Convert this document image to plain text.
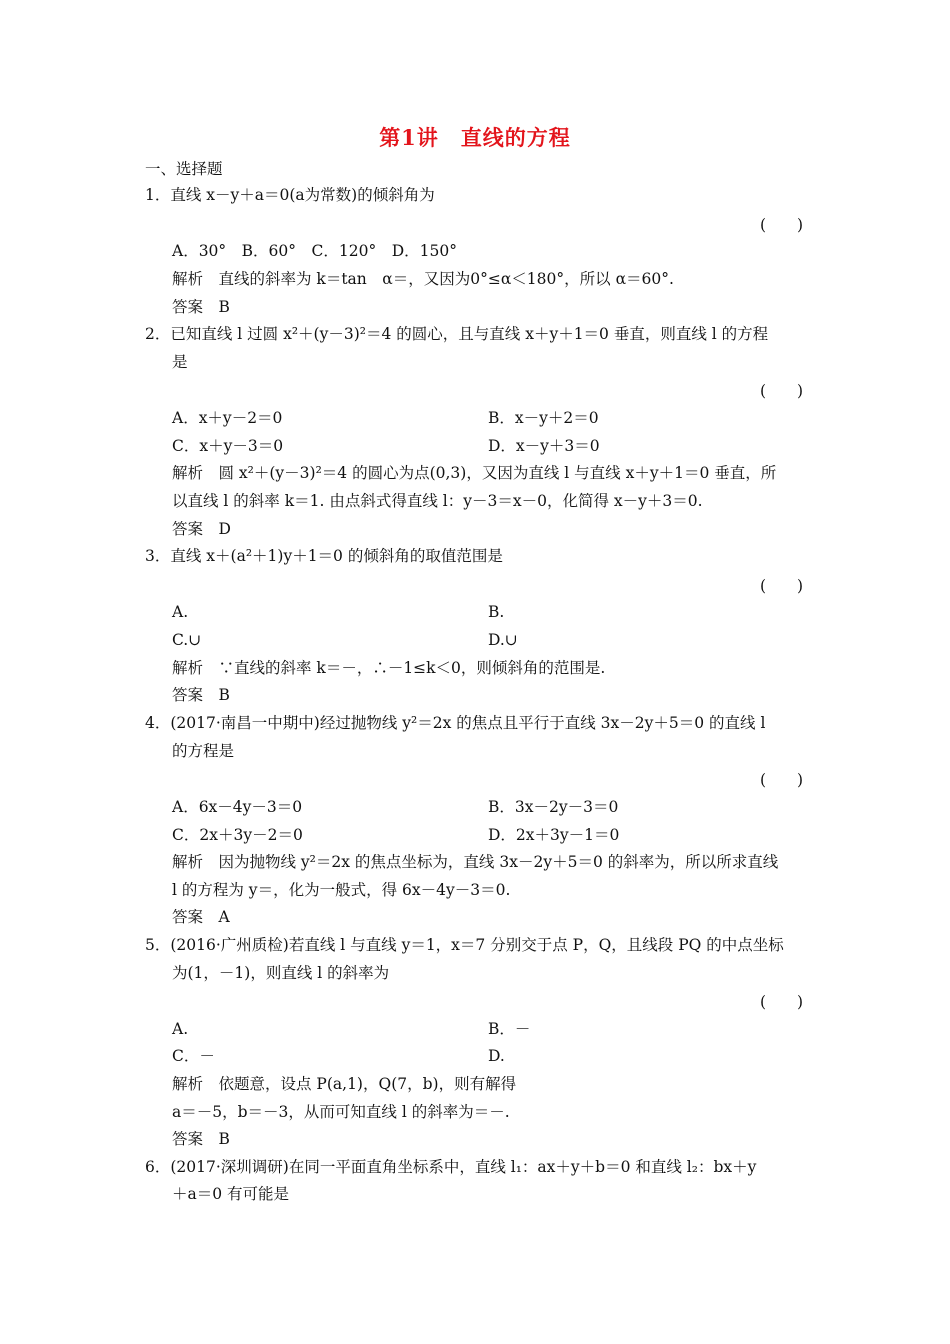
第1讲　直线的方程
一、选择题
1．直线 x－y＋a＝0(a为常数)的倾斜角为
(　　)
A．30°　B．60°　C．120°　D．150°
解析　直线的斜率为 k＝tan　α＝，又因为0°≤α＜180°，所以 α＝60°.
答案　B
2．已知直线 l 过圆 x²＋(y－3)²＝4 的圆心，且与直线 x＋y＋1＝0 垂直，则直线 l 的方程
是
(　　)
A．x＋y－2＝0	B．x－y＋2＝0
C．x＋y－3＝0	D．x－y＋3＝0
解析　圆 x²＋(y－3)²＝4 的圆心为点(0,3)，又因为直线 l 与直线 x＋y＋1＝0 垂直，所
以直线 l 的斜率 k＝1. 由点斜式得直线 l：y－3＝x－0，化简得 x－y＋3＝0.
答案　D
3．直线 x＋(a²＋1)y＋1＝0 的倾斜角的取值范围是
(　　)
A.	B.
C.∪	D.∪
解析　∵直线的斜率 k＝－，∴－1≤k＜0，则倾斜角的范围是.
答案　B
4．(2017·南昌一中期中)经过抛物线 y²＝2x 的焦点且平行于直线 3x－2y＋5＝0 的直线 l
的方程是
(　　)
A．6x－4y－3＝0	B．3x－2y－3＝0
C．2x＋3y－2＝0	D．2x＋3y－1＝0
解析　因为抛物线 y²＝2x 的焦点坐标为，直线 3x－2y＋5＝0 的斜率为，所以所求直线
l 的方程为 y＝，化为一般式，得 6x－4y－3＝0.
答案　A
5．(2016·广州质检)若直线 l 与直线 y＝1，x＝7 分别交于点 P，Q，且线段 PQ 的中点坐标
为(1，－1)，则直线 l 的斜率为
(　　)
A.	B．－
C．－	D.
解析　依题意，设点 P(a,1)，Q(7，b)，则有解得
a＝－5，b＝－3，从而可知直线 l 的斜率为＝－.
答案　B
6．(2017·深圳调研)在同一平面直角坐标系中，直线 l₁：ax＋y＋b＝0 和直线 l₂：bx＋y
＋a＝0 有可能是
